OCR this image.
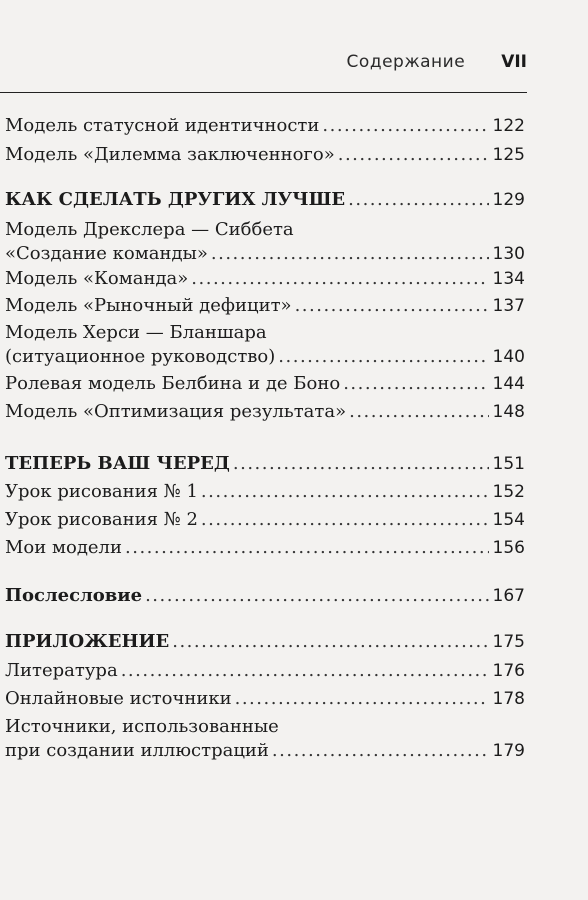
Содержание VII
Модель статусной идентичности .....	122
Модель «Дилемма заключенного» .....	125
КАК СДЕЛАТЬ ДРУГИХ ЛУЧШЕ .....	129
Модель Дрекслера — Сиббета
«Создание команды» .....	130
Модель «Команда» .....	134
Модель «Рыночный дефицит» .....	137
Модель Херси — Бланшара
(ситуационное руководство) .....	140
Ролевая модель Белбина и де Боно .....	144
Модель «Оптимизация результата» .....	148
ТЕПЕРЬ ВАШ ЧЕРЕД .....	151
Урок рисования № 1 .....	152
Урок рисования № 2 .....	154
Мои модели .....	156
Послесловие .....	167
ПРИЛОЖЕНИЕ .....	175
Литература .....	176
Онлайновые источники .....	178
Источники, использованные
при создании иллюстраций .....	179
